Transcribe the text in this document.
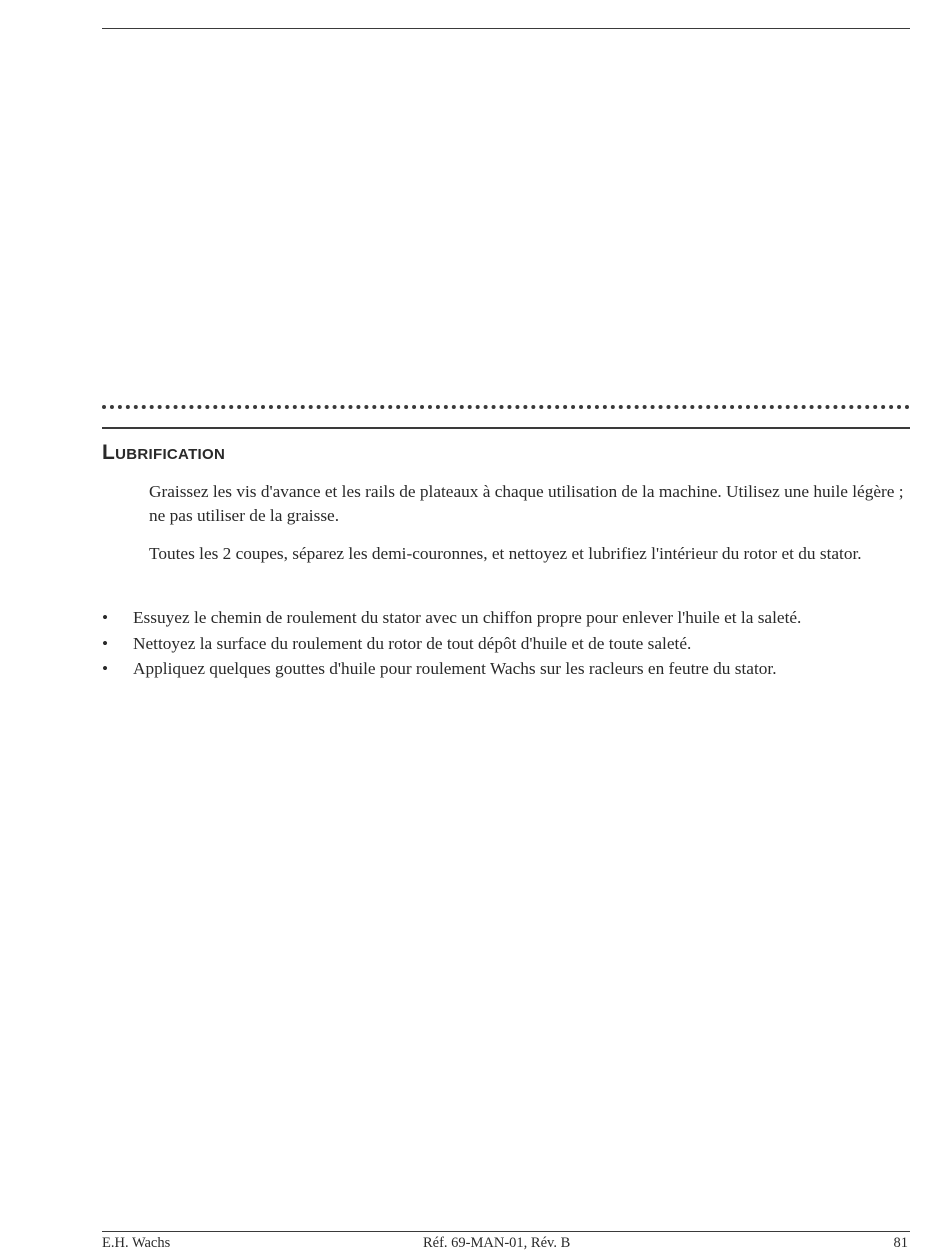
Lubrification

Graissez les vis d'avance et les rails de plateaux à chaque utilisation de la machine. Utilisez une huile légère ; ne pas utiliser de la graisse.

Toutes les 2 coupes, séparez les demi-couronnes, et nettoyez et lubrifiez l'intérieur du rotor et du stator.

• Essuyez le chemin de roulement du stator avec un chiffon propre pour enlever l'huile et la saleté.
• Nettoyez la surface du roulement du rotor de tout dépôt d'huile et de toute saleté.
• Appliquez quelques gouttes d'huile pour roulement Wachs sur les racleurs en feutre du stator.
E.H. Wachs	Réf. 69-MAN-01, Rév. B	81
